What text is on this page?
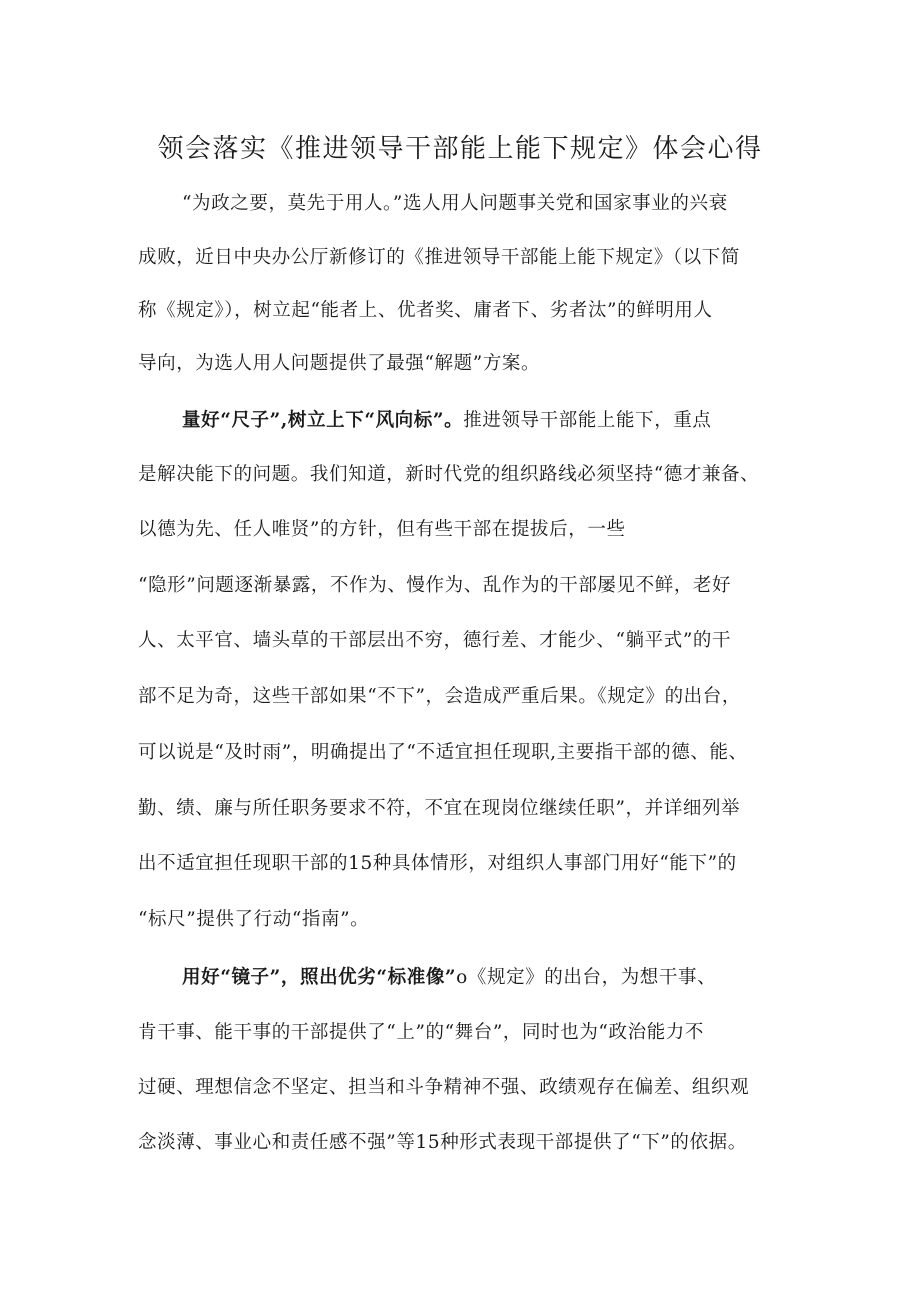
领会落实《推进领导干部能上能下规定》体会心得
“为政之要，莫先于用人。”选人用人问题事关党和国家事业的兴衰
成败，近日中央办公厅新修订的《推进领导干部能上能下规定》（以下简
称《规定》），树立起“能者上、优者奖、庸者下、劣者汰”的鲜明用人
导向，为选人用人问题提供了最强“解题”方案。
量好“尺子”,树立上下“风向标”。推进领导干部能上能下，重点
是解决能下的问题。我们知道，新时代党的组织路线必须坚持“德才兼备、
以德为先、任人唯贤”的方针，但有些干部在提拔后，一些
“隐形”问题逐渐暴露，不作为、慢作为、乱作为的干部屡见不鲜，老好
人、太平官、墙头草的干部层出不穷，德行差、才能少、“躺平式”的干
部不足为奇，这些干部如果“不下”，会造成严重后果。《规定》的出台，
可以说是“及时雨”，明确提出了“不适宜担任现职,主要指干部的德、能、
勤、绩、廉与所任职务要求不符，不宜在现岗位继续任职”，并详细列举
出不适宜担任现职干部的15种具体情形，对组织人事部门用好“能下”的
“标尺”提供了行动“指南”。
用好“镜子”，照出优劣“标准像”o《规定》的出台，为想干事、
肯干事、能干事的干部提供了“上”的“舞台”，同时也为“政治能力不
过硬、理想信念不坚定、担当和斗争精神不强、政绩观存在偏差、组织观
念淡薄、事业心和责任感不强”等15种形式表现干部提供了“下”的依据。
